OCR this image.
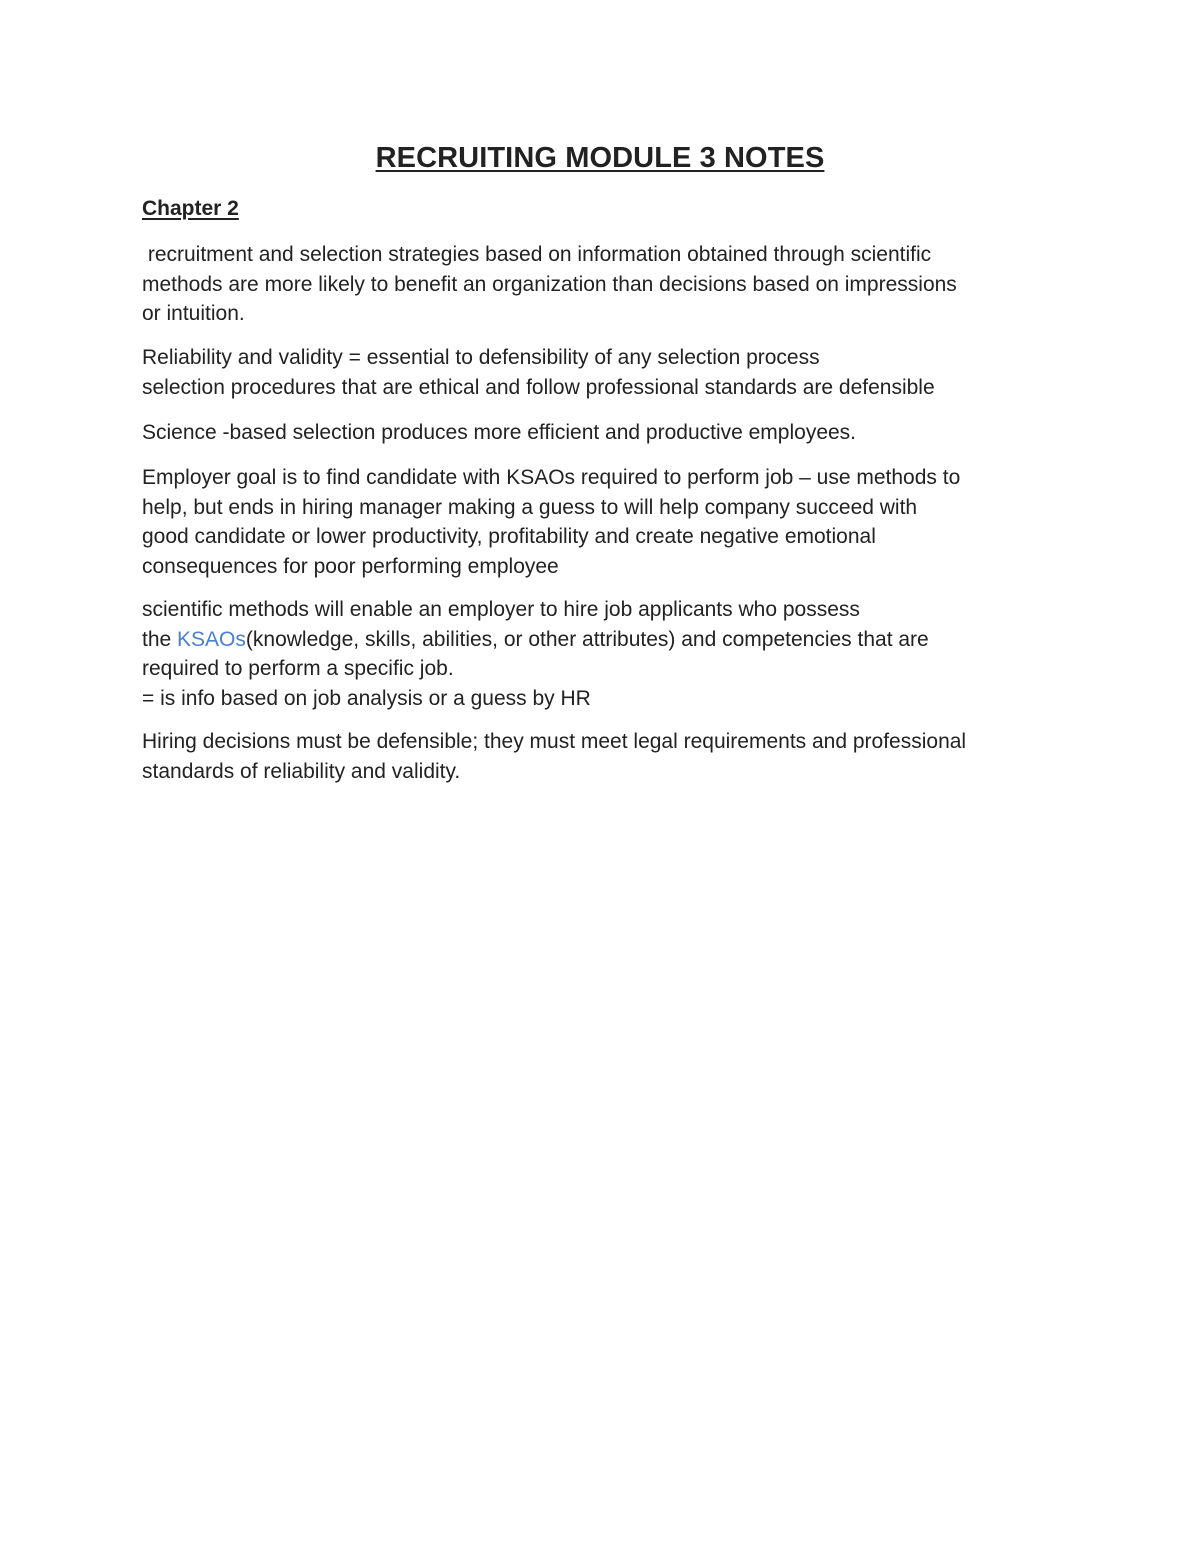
RECRUITING MODULE 3 NOTES
Chapter 2

recruitment and selection strategies based on information obtained through scientific
methods are more likely to benefit an organization than decisions based on impressions
or intuition.

Reliability and validity = essential to defensibility of any selection process
selection procedures that are ethical and follow professional standards are defensible

Science -based selection produces more efficient and productive employees.

Employer goal is to find candidate with KSAOs required to perform job – use methods to
help, but ends in hiring manager making a guess to will help company succeed with
good candidate or lower productivity, profitability and create negative emotional
consequences for poor performing employee

scientific methods will enable an employer to hire job applicants who possess
the KSAOs(knowledge, skills, abilities, or other attributes) and competencies that are
required to perform a specific job.
= is info based on job analysis or a guess by HR

Hiring decisions must be defensible; they must meet legal requirements and professional
standards of reliability and validity.
